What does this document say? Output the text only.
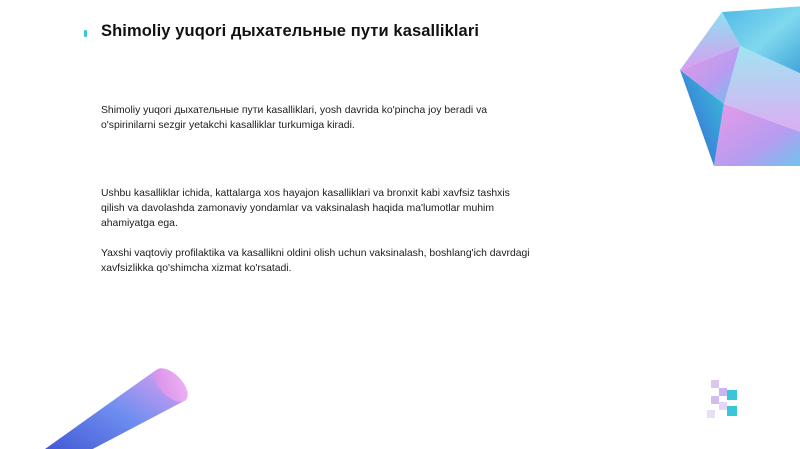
Shimoliy yuqori дыхательные пути kasalliklari
Shimoliy yuqori дыхательные пути kasalliklari, yosh davrida ko'pincha joy beradi va o'spirinilarni sezgir yetakchi kasalliklar turkumiga kiradi.
Ushbu kasalliklar ichida, kattalarga xos hayajon kasalliklari va bronxit kabi xavfsiz tashxis qilish va davolashda zamonaviy yondamlar va vaksinalash haqida ma'lumotlar muhim ahamiyatga ega.
Yaxshi vaqtoviy profilaktika va kasallikni oldini olish uchun vaksinalash, boshlang'ich davrdagi xavfsizlikka qo'shimcha xizmat ko'rsatadi.
